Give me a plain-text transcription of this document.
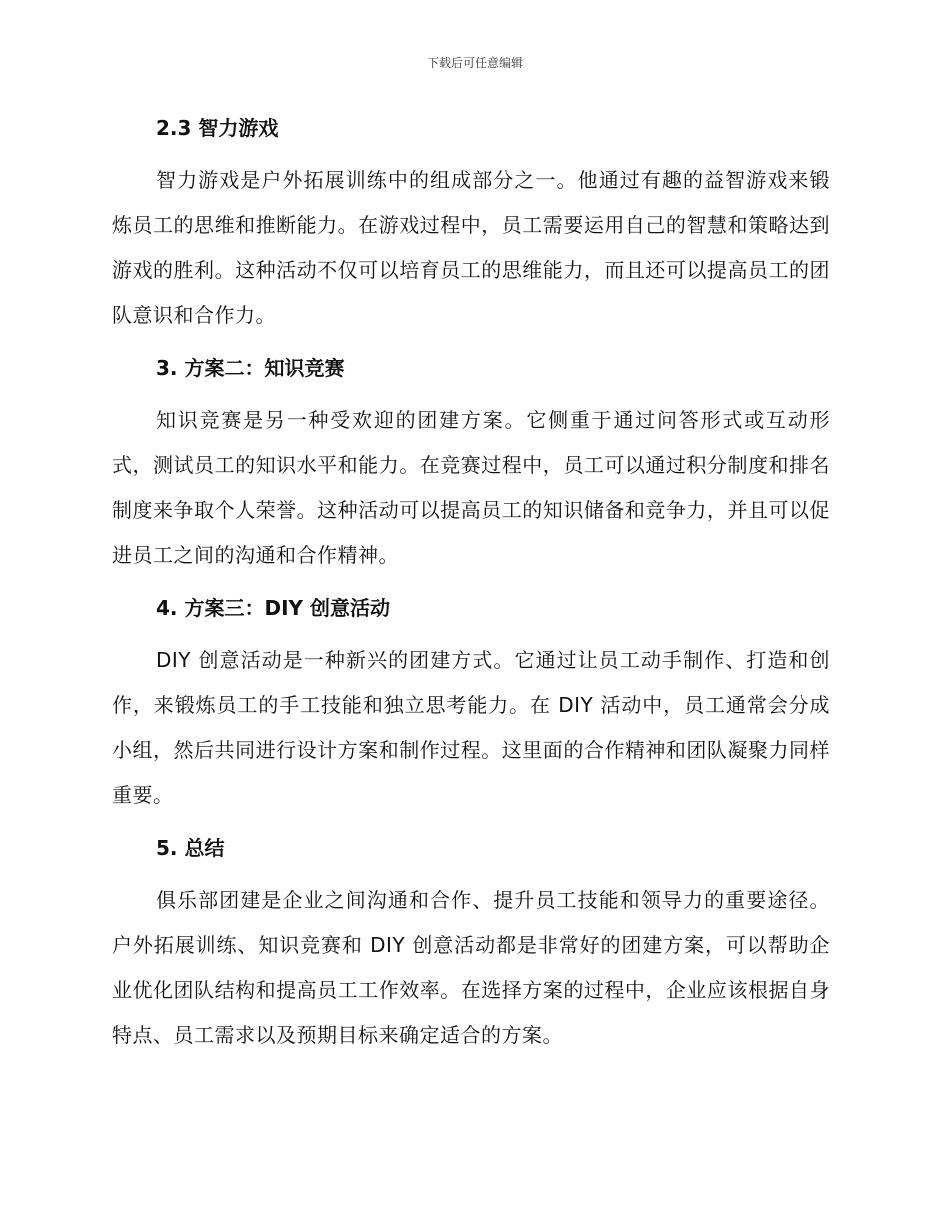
下载后可任意编辑
2.3 智力游戏

智力游戏是户外拓展训练中的组成部分之一。他通过有趣的益智游戏来锻炼员工的思维和推断能力。在游戏过程中，员工需要运用自己的智慧和策略达到游戏的胜利。这种活动不仅可以培育员工的思维能力，而且还可以提高员工的团队意识和合作力。

3. 方案二：知识竞赛

知识竞赛是另一种受欢迎的团建方案。它侧重于通过问答形式或互动形式，测试员工的知识水平和能力。在竞赛过程中，员工可以通过积分制度和排名制度来争取个人荣誉。这种活动可以提高员工的知识储备和竞争力，并且可以促进员工之间的沟通和合作精神。

4. 方案三：DIY 创意活动

DIY 创意活动是一种新兴的团建方式。它通过让员工动手制作、打造和创作，来锻炼员工的手工技能和独立思考能力。在 DIY 活动中，员工通常会分成小组，然后共同进行设计方案和制作过程。这里面的合作精神和团队凝聚力同样重要。

5. 总结

俱乐部团建是企业之间沟通和合作、提升员工技能和领导力的重要途径。户外拓展训练、知识竞赛和 DIY 创意活动都是非常好的团建方案，可以帮助企业优化团队结构和提高员工工作效率。在选择方案的过程中，企业应该根据自身特点、员工需求以及预期目标来确定适合的方案。
